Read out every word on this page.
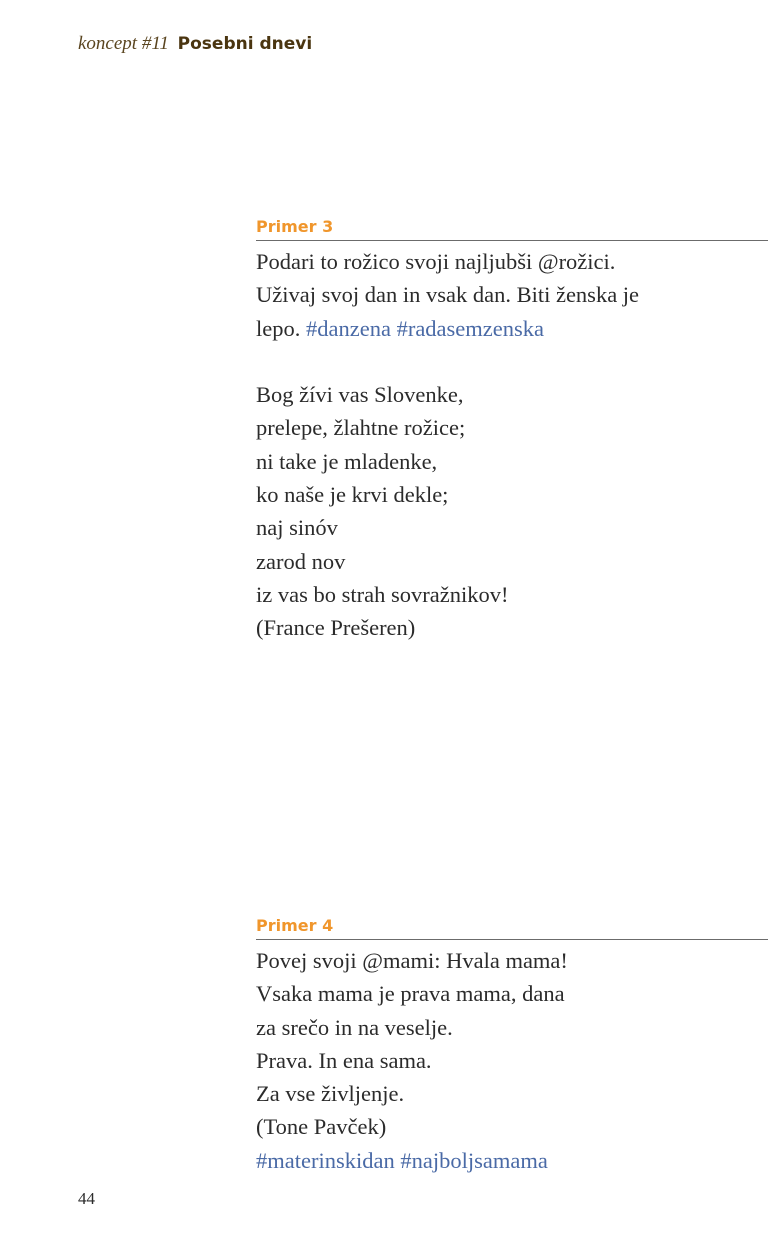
koncept #11 Posebni dnevi
Primer 3
Podari to rožico svoji najljubši @rožici.
Uživaj svoj dan in vsak dan. Biti ženska je
lepo. #danzena #radasemzenska
Bog žívi vas Slovenke,
prelepe, žlahtne rožice;
ni take je mladenke,
ko naše je krvi dekle;
naj sinóv
zarod nov
iz vas bo strah sovražnikov!
(France Prešeren)
Primer 4
Povej svoji @mami: Hvala mama!
Vsaka mama je prava mama, dana
za srečo in na veselje.
Prava. In ena sama.
Za vse življenje.
(Tone Pavček)
#materinskidan #najboljsamama
44
